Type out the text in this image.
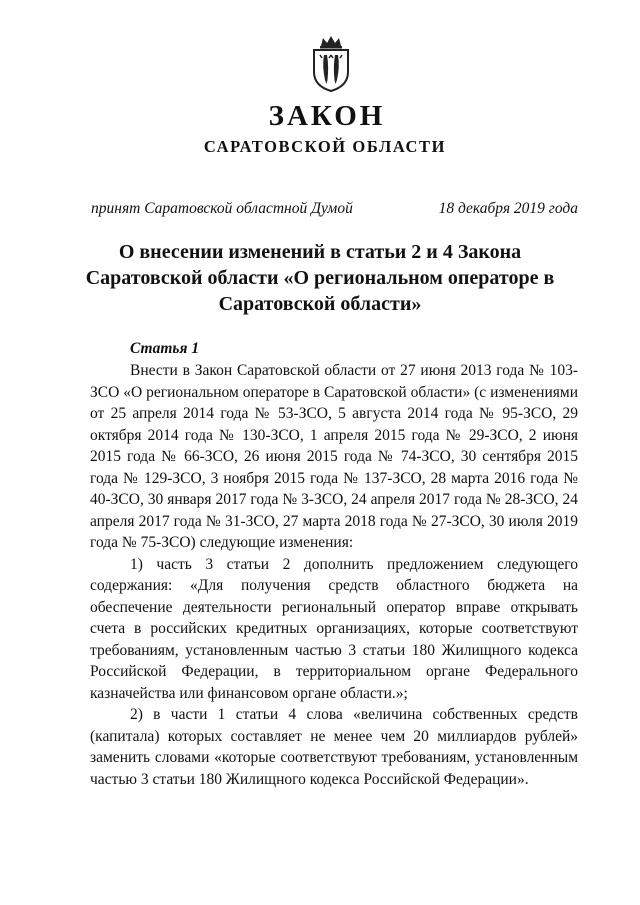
ЗАКОН
САРАТОВСКОЙ ОБЛАСТИ
принят Саратовской областной Думой	18 декабря 2019 года
О внесении изменений в статьи 2 и 4 Закона Саратовской области «О региональном операторе в Саратовской области»
Статья 1

Внести в Закон Саратовской области от 27 июня 2013 года № 103-ЗСО «О региональном операторе в Саратовской области» (с изменениями от 25 апреля 2014 года № 53-ЗСО, 5 августа 2014 года № 95-ЗСО, 29 октября 2014 года № 130-ЗСО, 1 апреля 2015 года № 29-ЗСО, 2 июня 2015 года № 66-ЗСО, 26 июня 2015 года № 74-ЗСО, 30 сентября 2015 года № 129-ЗСО, 3 ноября 2015 года № 137-ЗСО, 28 марта 2016 года № 40-ЗСО, 30 января 2017 года № 3-ЗСО, 24 апреля 2017 года № 28-ЗСО, 24 апреля 2017 года № 31-ЗСО, 27 марта 2018 года № 27-ЗСО, 30 июля 2019 года № 75-ЗСО) следующие изменения:

1) часть 3 статьи 2 дополнить предложением следующего содержания: «Для получения средств областного бюджета на обеспечение деятельности региональный оператор вправе открывать счета в российских кредитных организациях, которые соответствуют требованиям, установленным частью 3 статьи 180 Жилищного кодекса Российской Федерации, в территориальном органе Федерального казначейства или финансовом органе области.»;

2) в части 1 статьи 4 слова «величина собственных средств (капитала) которых составляет не менее чем 20 миллиардов рублей» заменить словами «которые соответствуют требованиям, установленным частью 3 статьи 180 Жилищного кодекса Российской Федерации».
